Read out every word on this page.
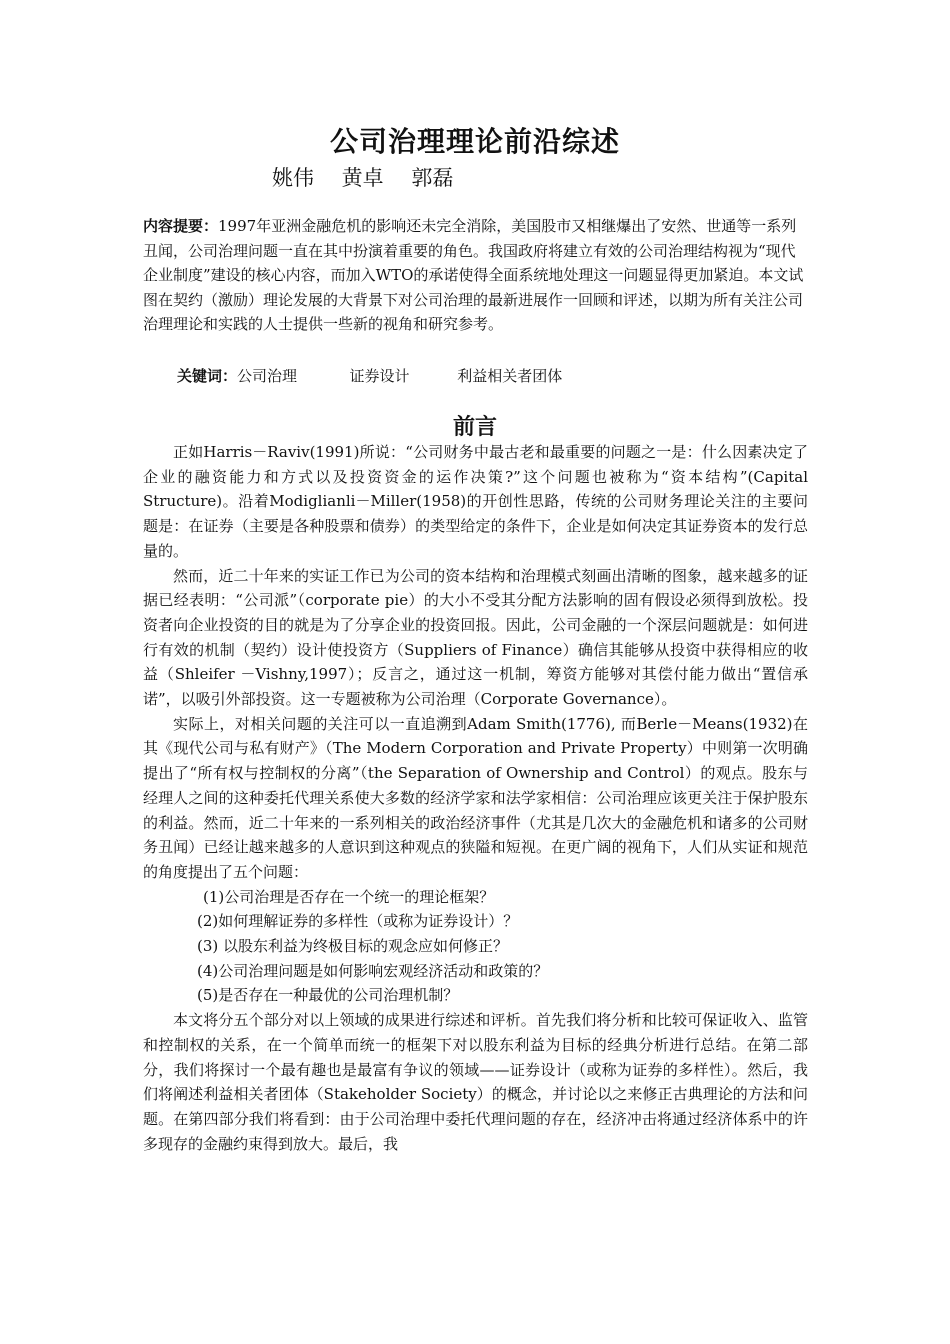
公司治理理论前沿综述
姚伟　 黄卓　 郭磊
内容提要：1997年亚洲金融危机的影响还未完全消除，美国股市又相继爆出了安然、世通等一系列丑闻，公司治理问题一直在其中扮演着重要的角色。我国政府将建立有效的公司治理结构视为“现代企业制度”建设的核心内容，而加入WTO的承诺使得全面系统地处理这一问题显得更加紧迫。本文试图在契约（激励）理论发展的大背景下对公司治理的最新进展作一回顾和评述，以期为所有关注公司治理理论和实践的人士提供一些新的视角和研究参考。
关键词：公司治理	证券设计	利益相关者团体
前言

正如Harris－Raviv(1991)所说：“公司财务中最古老和最重要的问题之一是：什么因素决定了企业的融资能力和方式以及投资资金的运作决策?”这个问题也被称为“资本结构”(Capital Structure)。沿着Modiglianli－Miller(1958)的开创性思路，传统的公司财务理论关注的主要问题是：在证券（主要是各种股票和债券）的类型给定的条件下，企业是如何决定其证券资本的发行总量的。

然而，近二十年来的实证工作已为公司的资本结构和治理模式刻画出清晰的图象，越来越多的证据已经表明：“公司派”（corporate pie）的大小不受其分配方法影响的固有假设必须得到放松。投资者向企业投资的目的就是为了分享企业的投资回报。因此，公司金融的一个深层问题就是：如何进行有效的机制（契约）设计使投资方（Suppliers of Finance）确信其能够从投资中获得相应的收益（Shleifer －Vishny,1997）；反言之，通过这一机制，筹资方能够对其偿付能力做出“置信承诺”，以吸引外部投资。这一专题被称为公司治理（Corporate Governance）。

实际上，对相关问题的关注可以一直追溯到Adam Smith(1776), 而Berle－Means(1932)在其《现代公司与私有财产》（The Modern Corporation and Private Property）中则第一次明确提出了“所有权与控制权的分离”（the Separation of Ownership and Control）的观点。股东与经理人之间的这种委托代理关系使大多数的经济学家和法学家相信：公司治理应该更关注于保护股东的利益。然而，近二十年来的一系列相关的政治经济事件（尤其是几次大的金融危机和诸多的公司财务丑闻）已经让越来越多的人意识到这种观点的狭隘和短视。在更广阔的视角下，人们从实证和规范的角度提出了五个问题：

(1)公司治理是否存在一个统一的理论框架？

(2)如何理解证券的多样性（或称为证券设计）？

(3) 以股东利益为终极目标的观念应如何修正？

(4)公司治理问题是如何影响宏观经济活动和政策的？

(5)是否存在一种最优的公司治理机制？

本文将分五个部分对以上领域的成果进行综述和评析。首先我们将分析和比较可保证收入、监管和控制权的关系，在一个简单而统一的框架下对以股东利益为目标的经典分析进行总结。在第二部分，我们将探讨一个最有趣也是最富有争议的领域——证券设计（或称为证券的多样性）。然后，我们将阐述利益相关者团体（Stakeholder Society）的概念，并讨论以之来修正古典理论的方法和问题。在第四部分我们将看到：由于公司治理中委托代理问题的存在，经济冲击将通过经济体系中的许多现存的金融约束得到放大。最后，我
